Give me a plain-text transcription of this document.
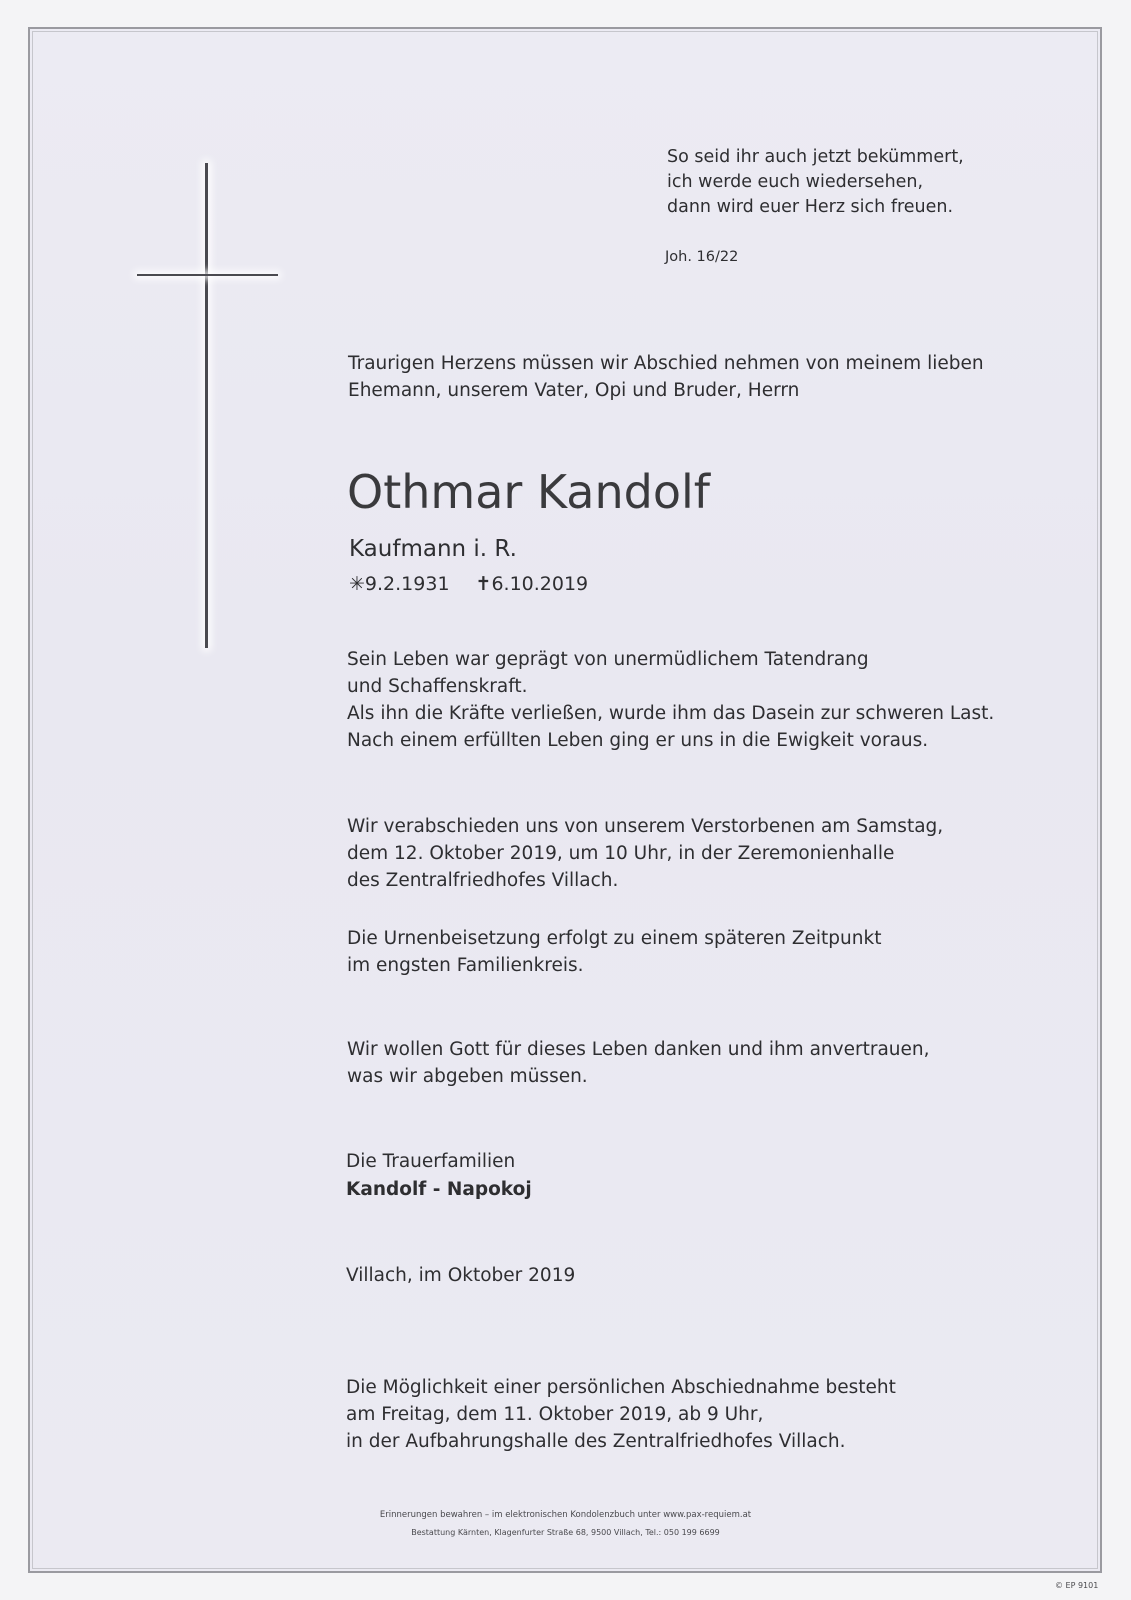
So seid ihr auch jetzt bekümmert,
ich werde euch wiedersehen,
dann wird euer Herz sich freuen.
Joh. 16/22
Traurigen Herzens müssen wir Abschied nehmen von meinem lieben
Ehemann, unserem Vater, Opi und Bruder, Herrn
Othmar Kandolf
Kaufmann i. R.
✳9.2.1931 ✝6.10.2019
Sein Leben war geprägt von unermüdlichem Tatendrang
und Schaffenskraft.
Als ihn die Kräfte verließen, wurde ihm das Dasein zur schweren Last.
Nach einem erfüllten Leben ging er uns in die Ewigkeit voraus.
Wir verabschieden uns von unserem Verstorbenen am Samstag,
dem 12. Oktober 2019, um 10 Uhr, in der Zeremonienhalle
des Zentralfriedhofes Villach.
Die Urnenbeisetzung erfolgt zu einem späteren Zeitpunkt
im engsten Familienkreis.
Wir wollen Gott für dieses Leben danken und ihm anvertrauen,
was wir abgeben müssen.
Die Trauerfamilien
Kandolf - Napokoj
Villach, im Oktober 2019
Die Möglichkeit einer persönlichen Abschiednahme besteht
am Freitag, dem 11. Oktober 2019, ab 9 Uhr,
in der Aufbahrungshalle des Zentralfriedhofes Villach.
Erinnerungen bewahren – im elektronischen Kondolenzbuch unter www.pax-requiem.at
Bestattung Kärnten, Klagenfurter Straße 68, 9500 Villach, Tel.: 050 199 6699
© EP 9101
